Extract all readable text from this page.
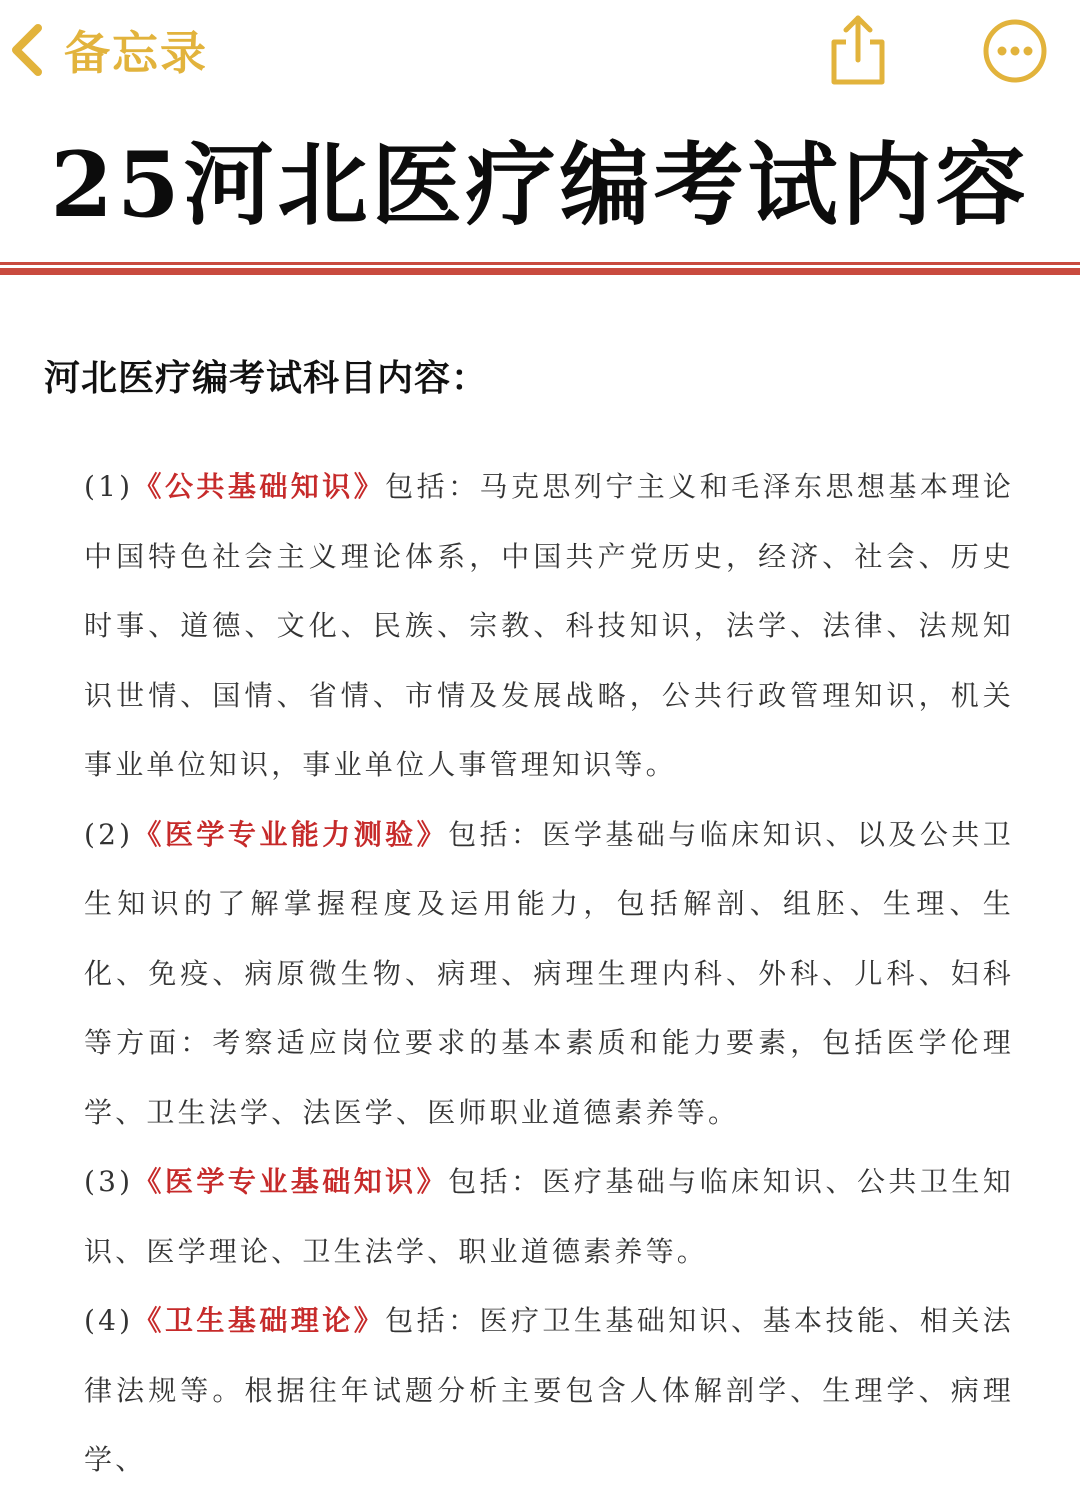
备忘录
25河北医疗编考试内容
河北医疗编考试科目内容：

(1)《公共基础知识》包括：马克思列宁主义和毛泽东思想基本理论中国特色社会主义理论体系，中国共产党历史，经济、社会、历史时事、道德、文化、民族、宗教、科技知识，法学、法律、法规知识世情、国情、省情、市情及发展战略，公共行政管理知识，机关事业单位知识，事业单位人事管理知识等。

(2)《医学专业能力测验》包括：医学基础与临床知识、以及公共卫生知识的了解掌握程度及运用能力，包括解剖、组胚、生理、生化、免疫、病原微生物、病理、病理生理内科、外科、儿科、妇科等方面：考察适应岗位要求的基本素质和能力要素，包括医学伦理学、卫生法学、法医学、医师职业道德素养等。

(3)《医学专业基础知识》包括：医疗基础与临床知识、公共卫生知识、医学理论、卫生法学、职业道德素养等。

(4)《卫生基础理论》包括：医疗卫生基础知识、基本技能、相关法律法规等。根据往年试题分析主要包含人体解剖学、生理学、病理学、
